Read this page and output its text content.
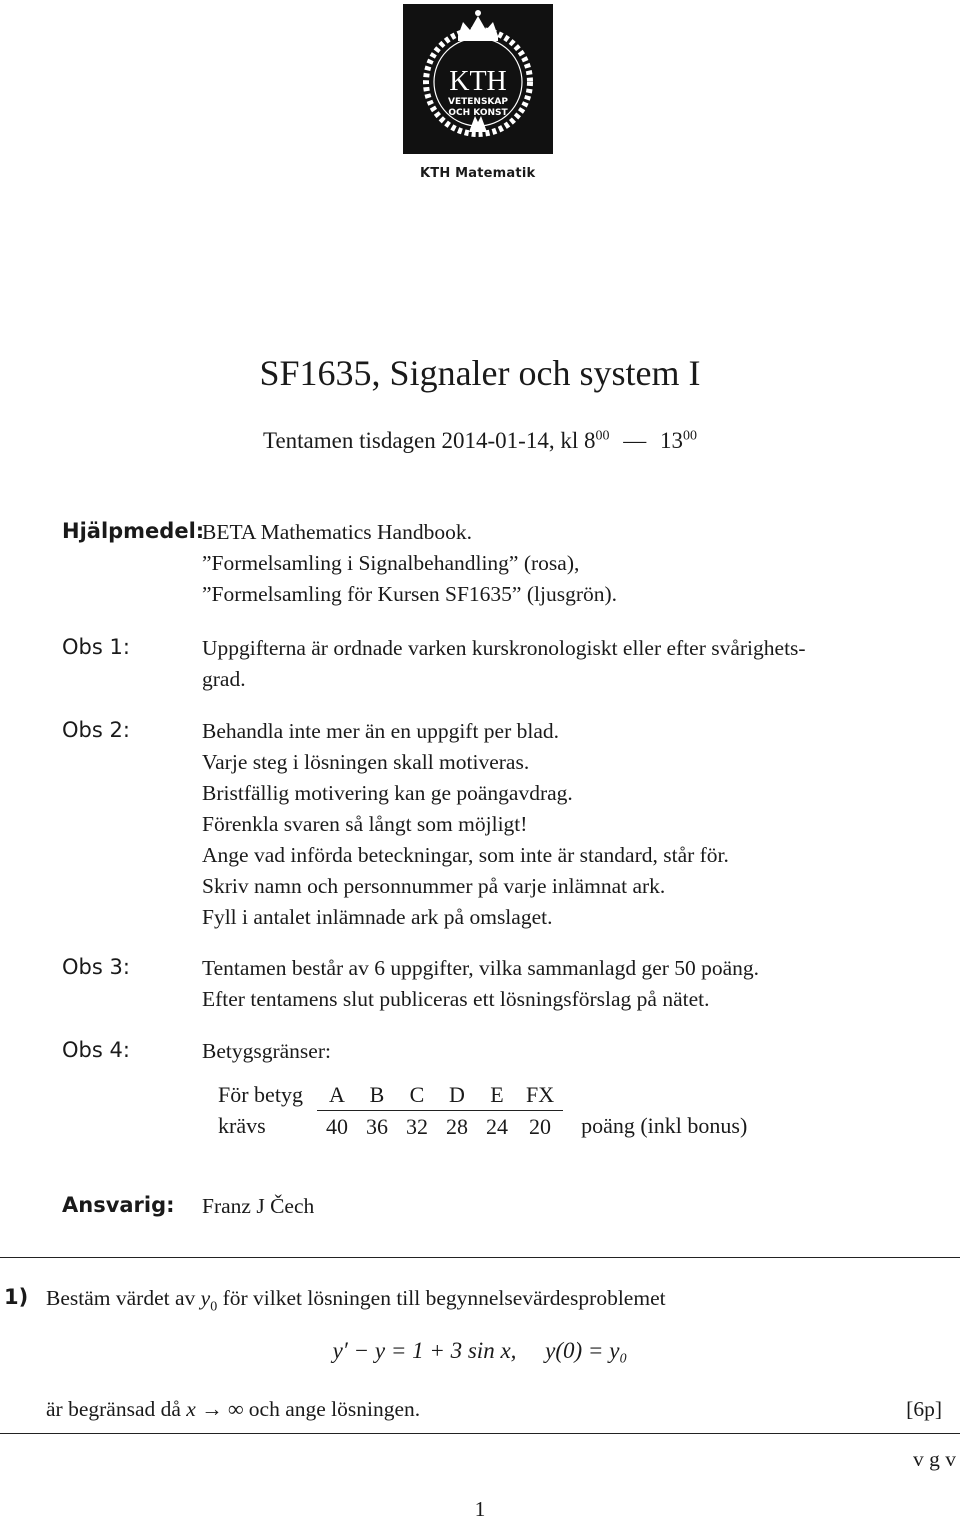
KTH
VETENSKAP
OCH KONST
KTH Matematik
SF1635, Signaler och system I
Tentamen tisdagen 2014-01-14, kl $8^{00}$ — $13^{00}$
Hjälpmedel:
BETA Mathematics Handbook.
”Formelsamling i Signalbehandling” (rosa),
”Formelsamling för Kursen SF1635” (ljusgrön).
Obs 1:	Uppgifterna är ordnade varken kurskronologiskt eller efter svårighets-
grad.
Obs 2:	Behandla inte mer än en uppgift per blad.
Varje steg i lösningen skall motiveras.
Bristfällig motivering kan ge poängavdrag.
Förenkla svaren så långt som möjligt!
Ange vad införda beteckningar, som inte är standard, står för.
Skriv namn och personnummer på varje inlämnat ark.
Fyll i antalet inlämnade ark på omslaget.
Obs 3:	Tentamen består av 6 uppgifter, vilka sammanlagd ger 50 poäng.
Efter tentamens slut publiceras ett lösningsförslag på nätet.
Obs 4:	Betygsgränser:
För betyg	A	B	C	D	E	FX	
krävs	40	36	32	28	24	20	poäng (inkl bonus)
Ansvarig: Franz J Čech
1) Bestäm värdet av $y_0$ för vilket lösningen till begynnelsevärdesproblemet
y′ − y = 1 + 3 sin x,     y(0) = y₀
är begränsad då x → ∞ och ange lösningen.	[6p]
v g v
1
